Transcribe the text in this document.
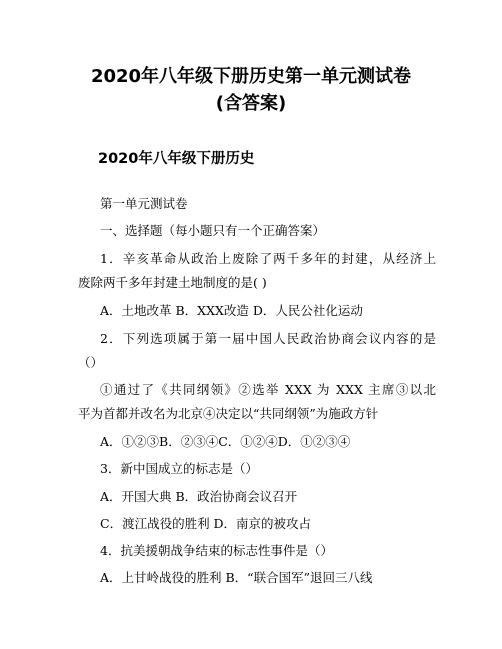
2020年八年级下册历史第一单元测试卷
(含答案)
2020年八年级下册历史

第一单元测试卷

一、选择题（每小题只有一个正确答案）

1．辛亥革命从政治上废除了两千多年的封建，从经济上

废除两千多年封建土地制度的是( )

A．土地改革 B．XXX改造 D．人民公社化运动

2．下列选项属于第一届中国人民政治协商会议内容的是

（）

①通过了《共同纲领》②选举 XXX 为 XXX 主席③以北

平为首都并改名为北京④决定以“共同纲领”为施政方针

A．①②③B．②③④C．①②④D．①②③④

3．新中国成立的标志是（）

A．开国大典 B．政治协商会议召开

C．渡江战役的胜利 D．南京的被攻占

4．抗美援朝战争结束的标志性事件是（）

A．上甘岭战役的胜利 B．“联合国军”退回三八线
